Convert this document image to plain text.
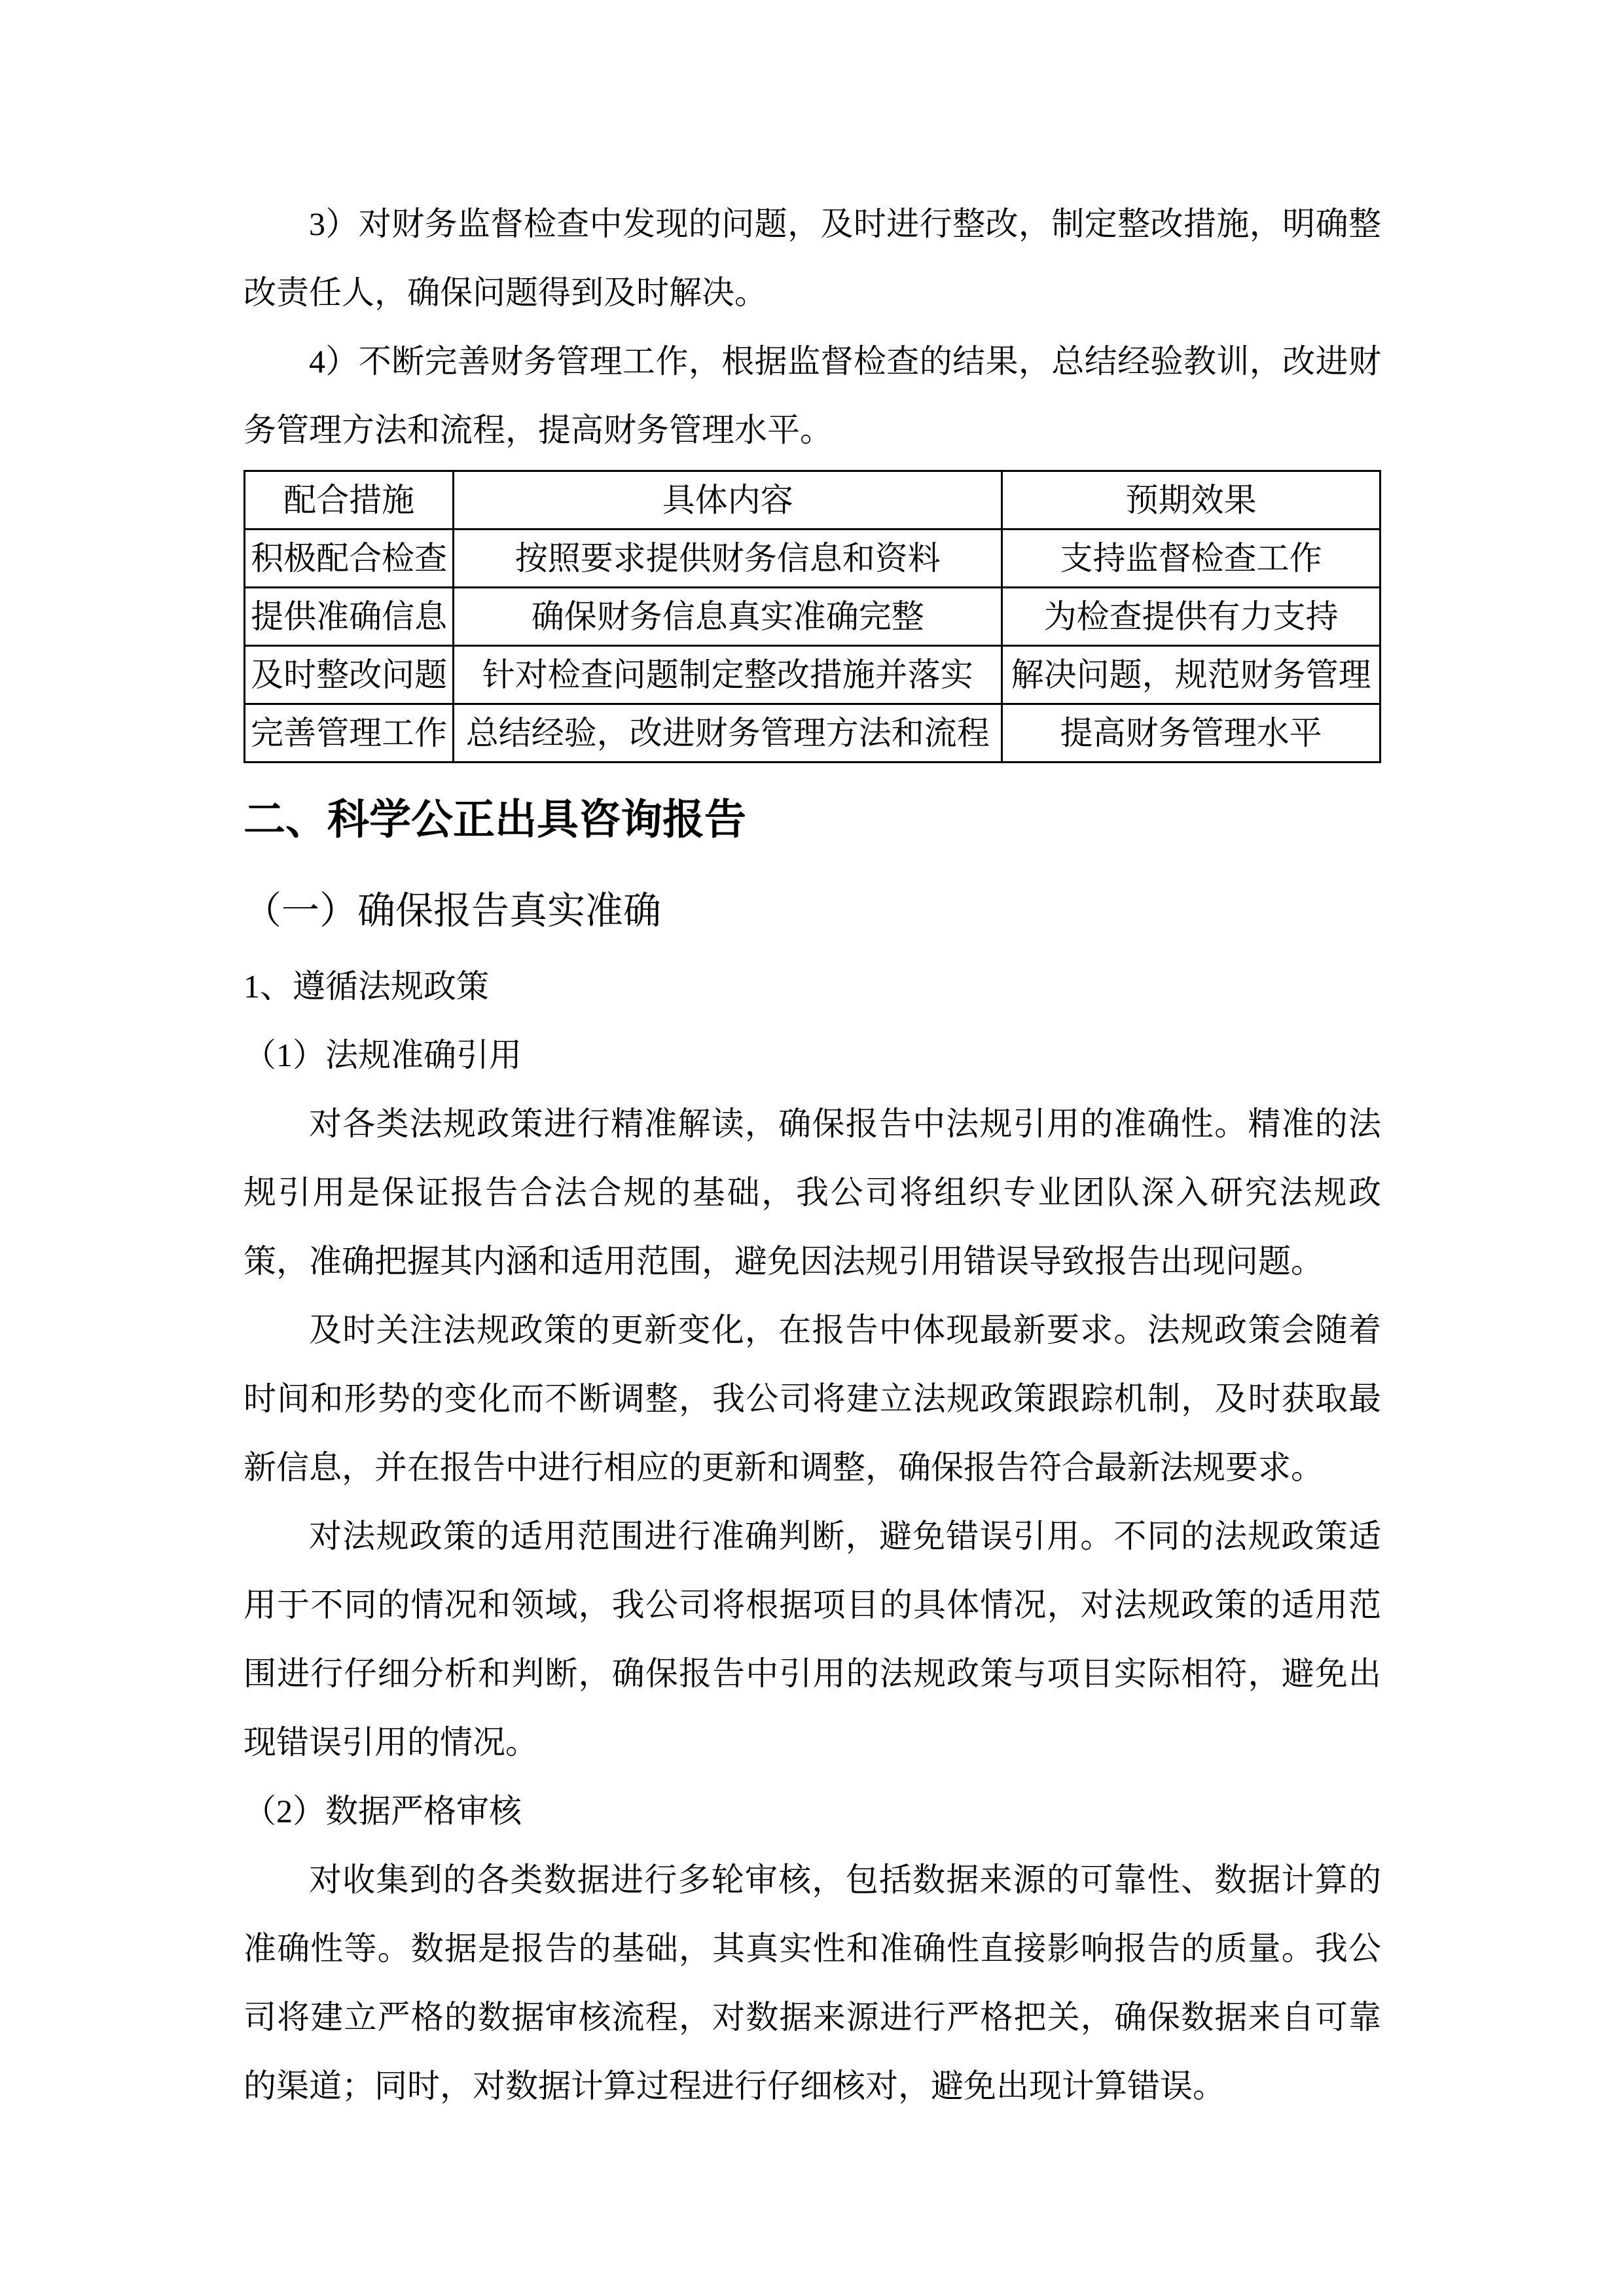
3）对财务监督检查中发现的问题，及时进行整改，制定整改措施，明确整改责任人，确保问题得到及时解决。

4）不断完善财务管理工作，根据监督检查的结果，总结经验教训，改进财务管理方法和流程，提高财务管理水平。

配合措施	具体内容	预期效果
积极配合检查	按照要求提供财务信息和资料	支持监督检查工作
提供准确信息	确保财务信息真实准确完整	为检查提供有力支持
及时整改问题	针对检查问题制定整改措施并落实	解决问题，规范财务管理
完善管理工作	总结经验，改进财务管理方法和流程	提高财务管理水平
二、科学公正出具咨询报告
（一）确保报告真实准确
1、遵循法规政策
（1）法规准确引用

对各类法规政策进行精准解读，确保报告中法规引用的准确性。精准的法规引用是保证报告合法合规的基础，我公司将组织专业团队深入研究法规政策，准确把握其内涵和适用范围，避免因法规引用错误导致报告出现问题。

及时关注法规政策的更新变化，在报告中体现最新要求。法规政策会随着时间和形势的变化而不断调整，我公司将建立法规政策跟踪机制，及时获取最新信息，并在报告中进行相应的更新和调整，确保报告符合最新法规要求。

对法规政策的适用范围进行准确判断，避免错误引用。不同的法规政策适用于不同的情况和领域，我公司将根据项目的具体情况，对法规政策的适用范围进行仔细分析和判断，确保报告中引用的法规政策与项目实际相符，避免出现错误引用的情况。

（2）数据严格审核

对收集到的各类数据进行多轮审核，包括数据来源的可靠性、数据计算的准确性等。数据是报告的基础，其真实性和准确性直接影响报告的质量。我公司将建立严格的数据审核流程，对数据来源进行严格把关，确保数据来自可靠的渠道；同时，对数据计算过程进行仔细核对，避免出现计算错误。
